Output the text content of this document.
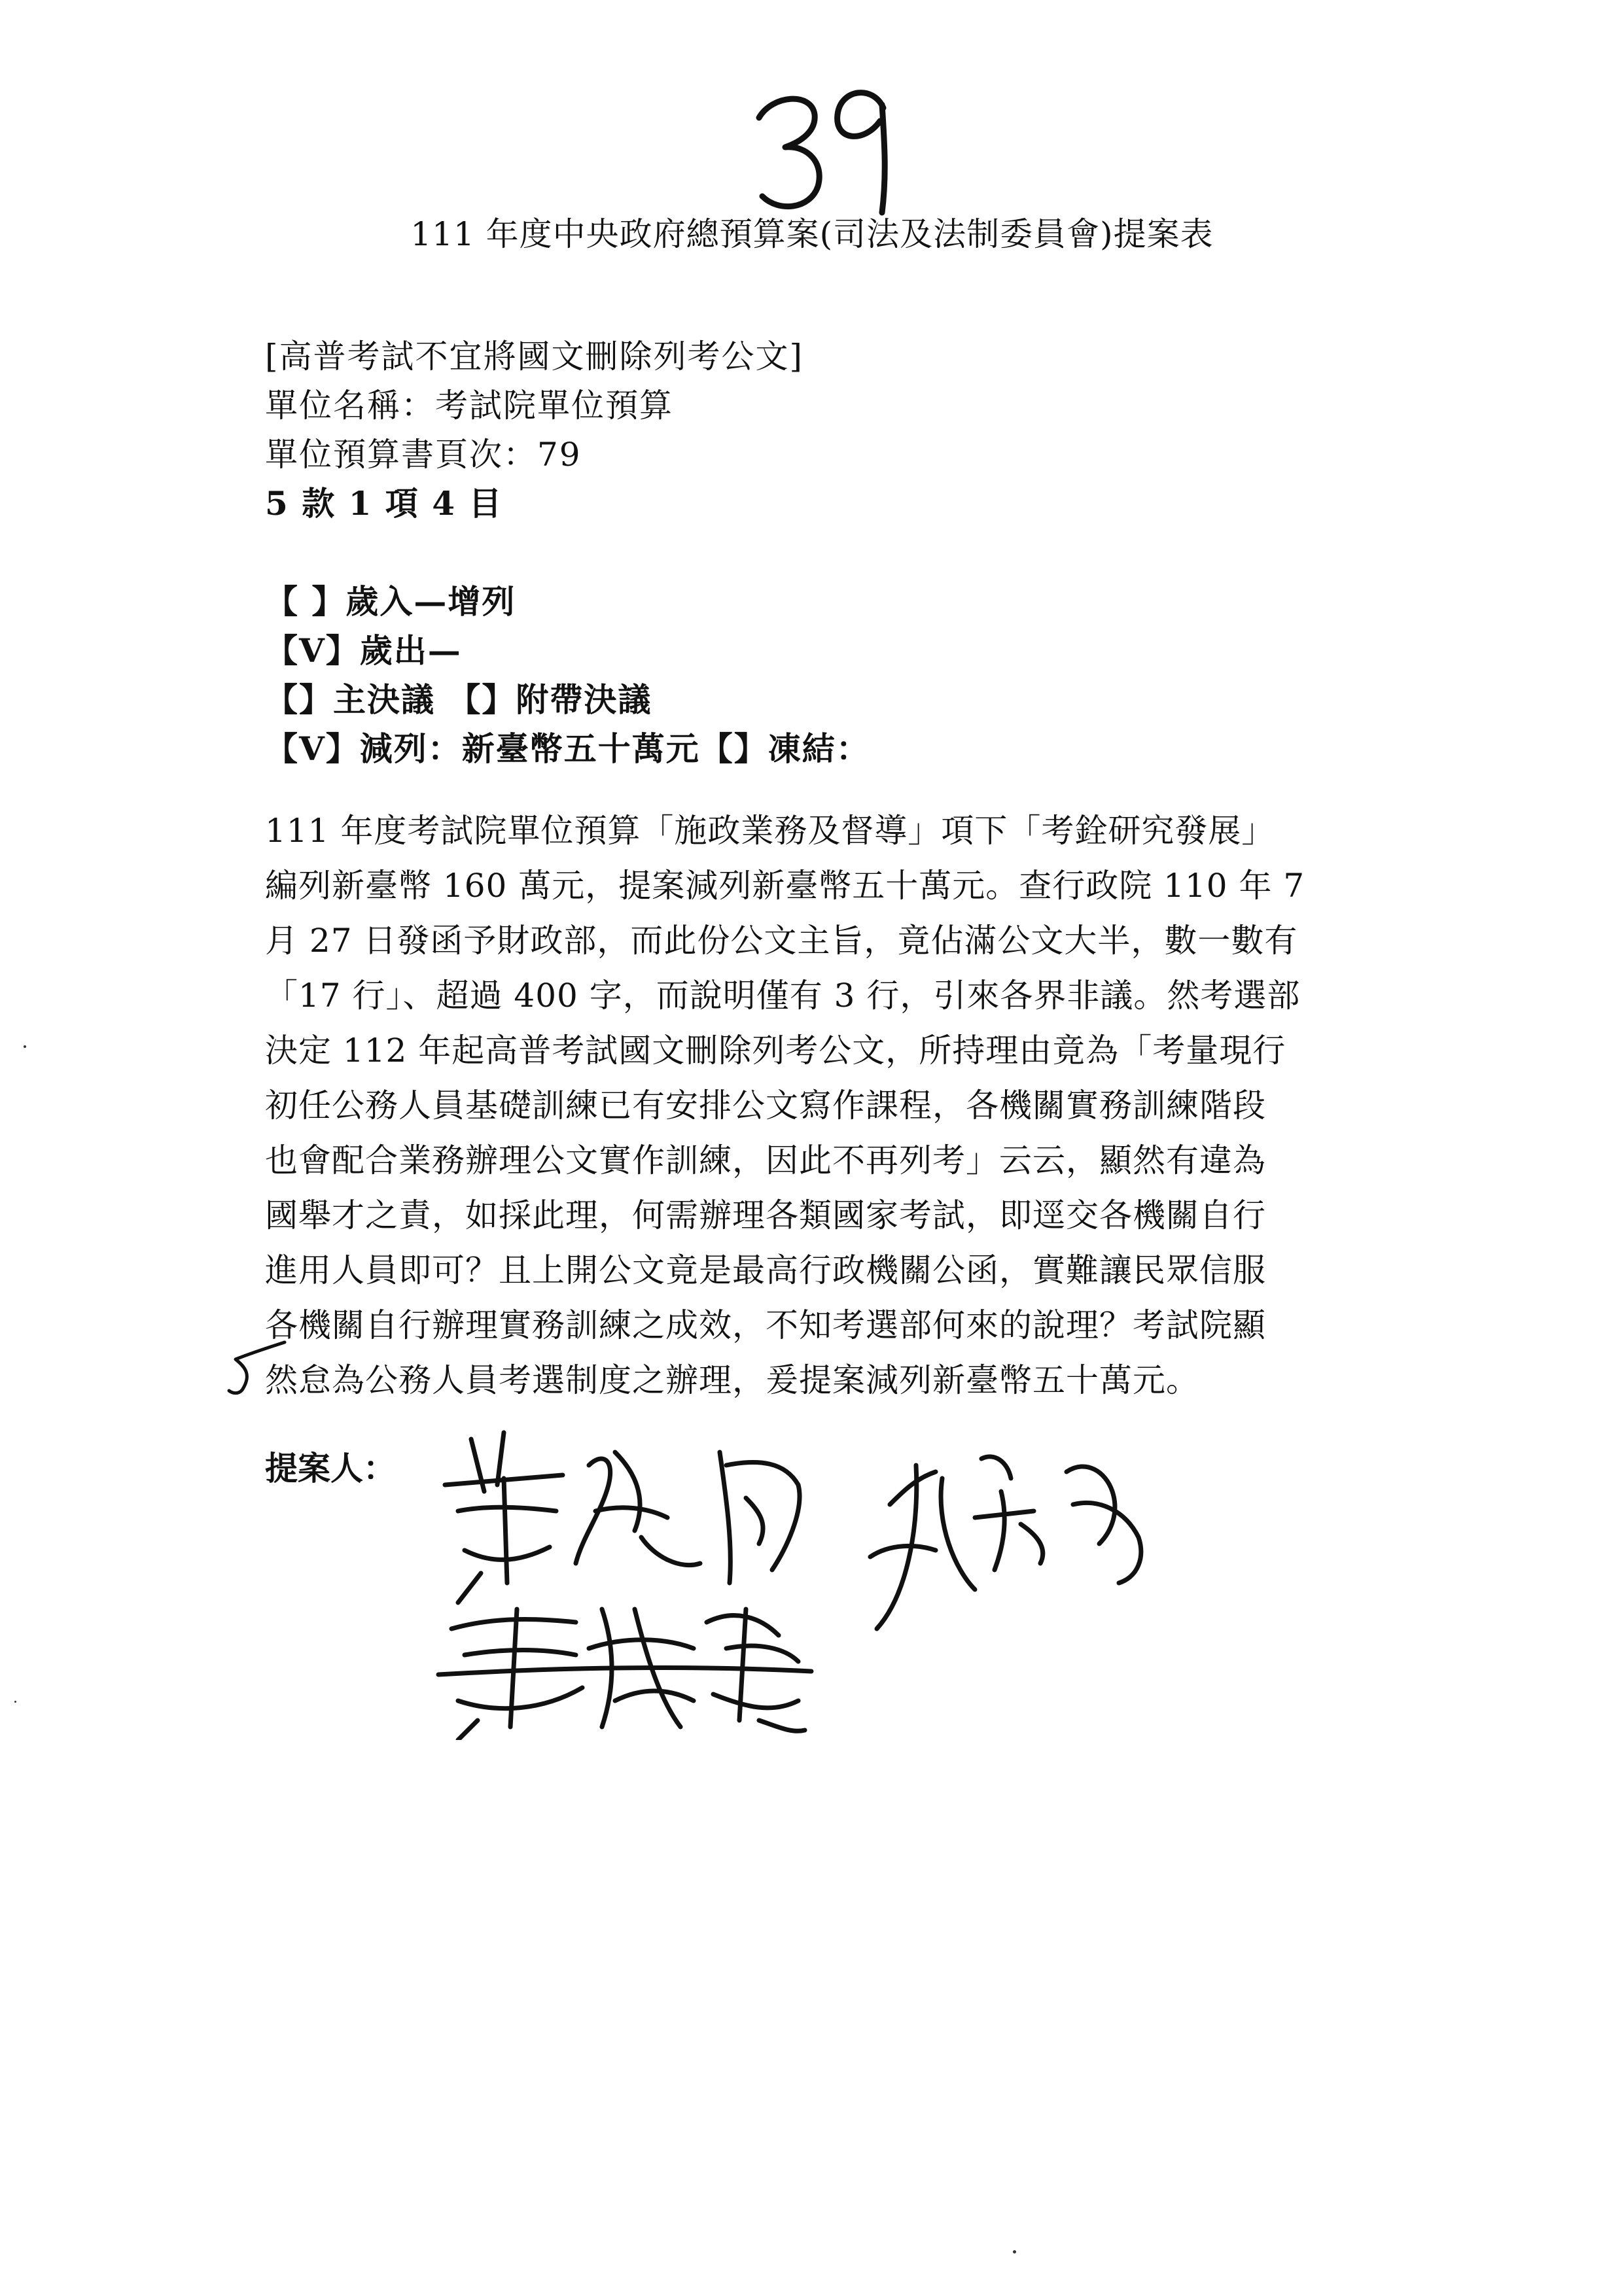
111 年度中央政府總預算案(司法及法制委員會)提案表
[高普考試不宜將國文刪除列考公文]
單位名稱：考試院單位預算
單位預算書頁次：79
5 款 1 項 4 目
【 】歲入—增列
【V】歲出—
【】主決議 【】附帶決議
【V】減列：新臺幣五十萬元【】凍結：
111 年度考試院單位預算「施政業務及督導」項下「考銓研究發展」
編列新臺幣 160 萬元，提案減列新臺幣五十萬元。查行政院 110 年 7
月 27 日發函予財政部，而此份公文主旨，竟佔滿公文大半，數一數有
「17 行」、超過 400 字，而說明僅有 3 行，引來各界非議。然考選部
決定 112 年起高普考試國文刪除列考公文，所持理由竟為「考量現行
初任公務人員基礎訓練已有安排公文寫作課程，各機關實務訓練階段
也會配合業務辦理公文實作訓練，因此不再列考」云云，顯然有違為
國舉才之責，如採此理，何需辦理各類國家考試，即逕交各機關自行
進用人員即可？且上開公文竟是最高行政機關公函，實難讓民眾信服
各機關自行辦理實務訓練之成效，不知考選部何來的說理？考試院顯
然怠為公務人員考選制度之辦理，爰提案減列新臺幣五十萬元。
提案人：
